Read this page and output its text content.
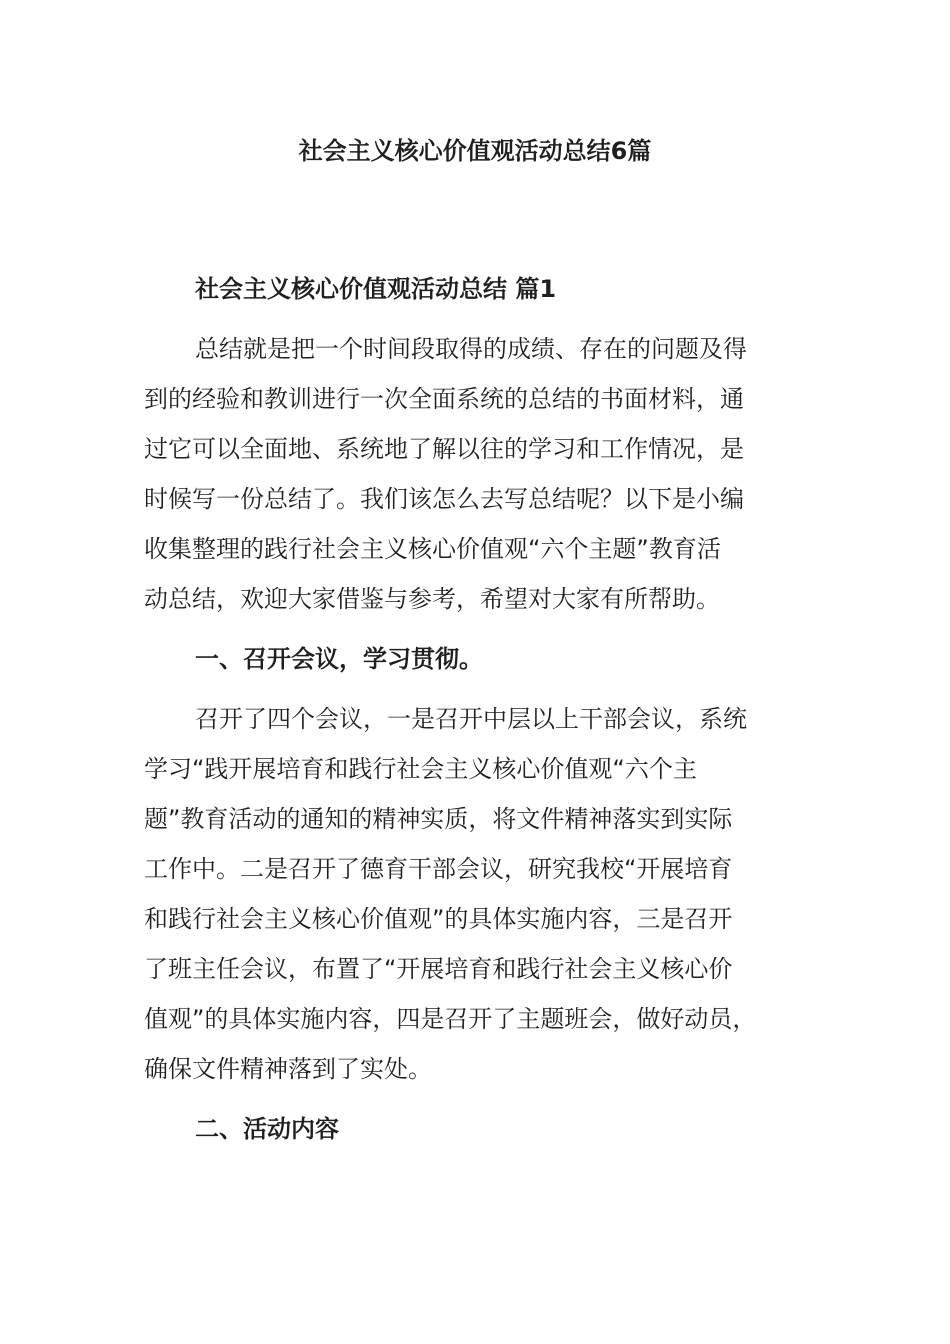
社会主义核心价值观活动总结6篇

社会主义核心价值观活动总结 篇1

总结就是把一个时间段取得的成绩、存在的问题及得
到的经验和教训进行一次全面系统的总结的书面材料，通
过它可以全面地、系统地了解以往的学习和工作情况，是
时候写一份总结了。我们该怎么去写总结呢？以下是小编
收集整理的践行社会主义核心价值观“六个主题”教育活
动总结，欢迎大家借鉴与参考，希望对大家有所帮助。

一、召开会议，学习贯彻。

召开了四个会议，一是召开中层以上干部会议，系统
学习“践开展培育和践行社会主义核心价值观“六个主
题”教育活动的通知的精神实质，将文件精神落实到实际
工作中。二是召开了德育干部会议，研究我校“开展培育
和践行社会主义核心价值观”的具体实施内容，三是召开
了班主任会议，布置了“开展培育和践行社会主义核心价
值观”的具体实施内容，四是召开了主题班会，做好动员，
确保文件精神落到了实处。

二、活动内容
